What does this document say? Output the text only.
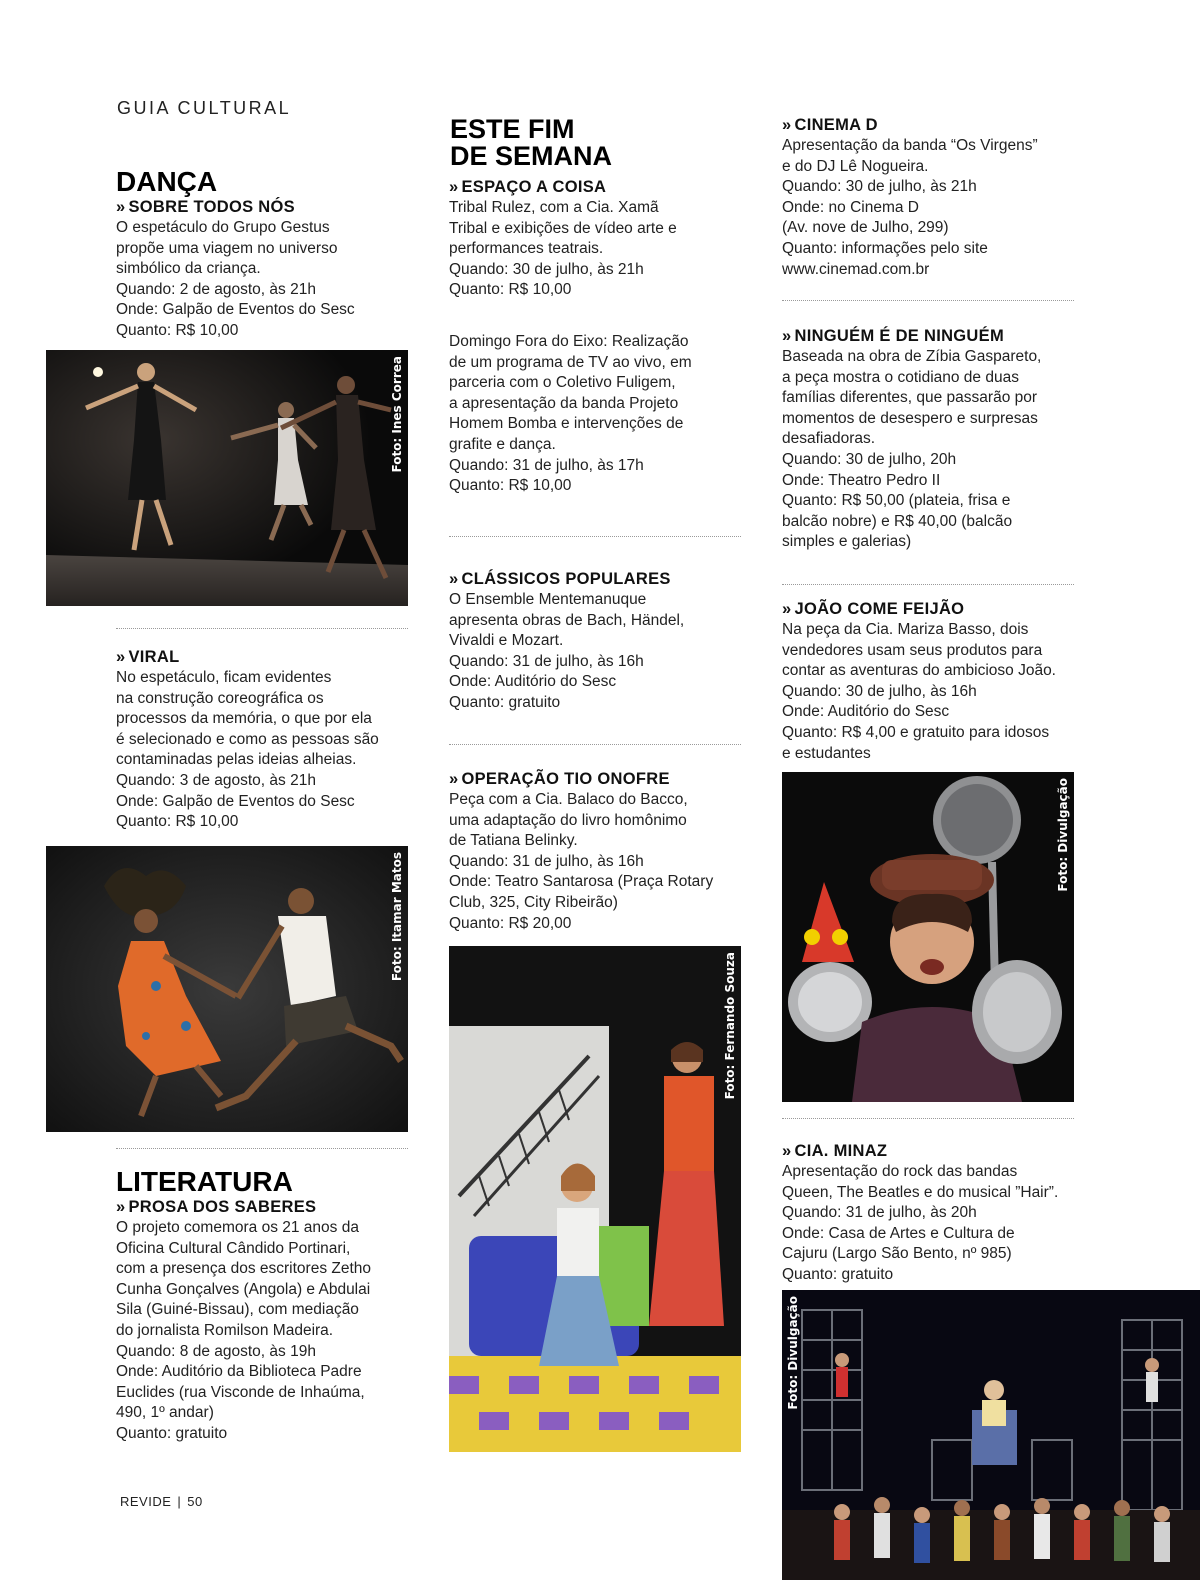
GUIA CULTURAL
DANÇA
» SOBRE TODOS NÓS

O espetáculo do Grupo Gestus

propõe uma viagem no universo

simbólico da criança.

Quando: 2 de agosto, às 21h

Onde: Galpão de Eventos do Sesc

Quanto: R$ 10,00

Foto: Ines Correa
» VIRAL

No espetáculo, ficam evidentes

na construção coreográfica os

processos da memória, o que por ela

é selecionado e como as pessoas são

contaminadas pelas ideias alheias.

Quando: 3 de agosto, às 21h

Onde: Galpão de Eventos do Sesc

Quanto: R$ 10,00

Foto: Itamar Matos
LITERATURA
» PROSA DOS SABERES

O projeto comemora os 21 anos da

Oficina Cultural Cândido Portinari,

com a presença dos escritores Zetho

Cunha Gonçalves (Angola) e Abdulai

Sila (Guiné-Bissau), com mediação

do jornalista Romilson Madeira.

Quando: 8 de agosto, às 19h

Onde: Auditório da Biblioteca Padre

Euclides (rua Visconde de Inhaúma,

490, 1º andar)

Quanto: gratuito

REVIDE | 50
ESTE FIM
DE SEMANA
» ESPAÇO A COISA

Tribal Rulez, com a Cia. Xamã

Tribal e exibições de vídeo arte e

performances teatrais.

Quando: 30 de julho, às 21h

Quanto: R$ 10,00

Domingo Fora do Eixo: Realização

de um programa de TV ao vivo, em

parceria com o Coletivo Fuligem,

a apresentação da banda Projeto

Homem Bomba e intervenções de

grafite e dança.

Quando: 31 de julho, às 17h

Quanto: R$ 10,00

» CLÁSSICOS POPULARES

O Ensemble Mentemanuque

apresenta obras de Bach, Händel,

Vivaldi e Mozart.

Quando: 31 de julho, às 16h

Onde: Auditório do Sesc

Quanto: gratuito

» OPERAÇÃO TIO ONOFRE

Peça com a Cia. Balaco do Bacco,

uma adaptação do livro homônimo

de Tatiana Belinky.

Quando: 31 de julho, às 16h

Onde: Teatro Santarosa (Praça Rotary

Club, 325, City Ribeirão)

Quanto: R$ 20,00

Foto: Fernando Souza
» CINEMA D

Apresentação da banda “Os Virgens”

e do DJ Lê Nogueira.

Quando: 30 de julho, às 21h

Onde: no Cinema D

(Av. nove de Julho, 299)

Quanto: informações pelo site

www.cinemad.com.br

» NINGUÉM É DE NINGUÉM

Baseada na obra de Zíbia Gaspareto,

a peça mostra o cotidiano de duas

famílias diferentes, que passarão por

momentos de desespero e surpresas

desafiadoras.

Quando: 30 de julho, 20h

Onde: Theatro Pedro II

Quanto: R$ 50,00 (plateia, frisa e

balcão nobre) e R$ 40,00 (balcão

simples e galerias)

» JOÃO COME FEIJÃO

Na peça da Cia. Mariza Basso, dois

vendedores usam seus produtos para

contar as aventuras do ambicioso João.

Quando: 30 de julho, às 16h

Onde: Auditório do Sesc

Quanto: R$ 4,00 e gratuito para idosos

e estudantes

Foto: Divulgação
» CIA. MINAZ

Apresentação do rock das bandas

Queen, The Beatles e do musical ”Hair”.

Quando: 31 de julho, às 20h

Onde: Casa de Artes e Cultura de

Cajuru (Largo São Bento, nº 985)

Quanto: gratuito

Foto: Divulgação
